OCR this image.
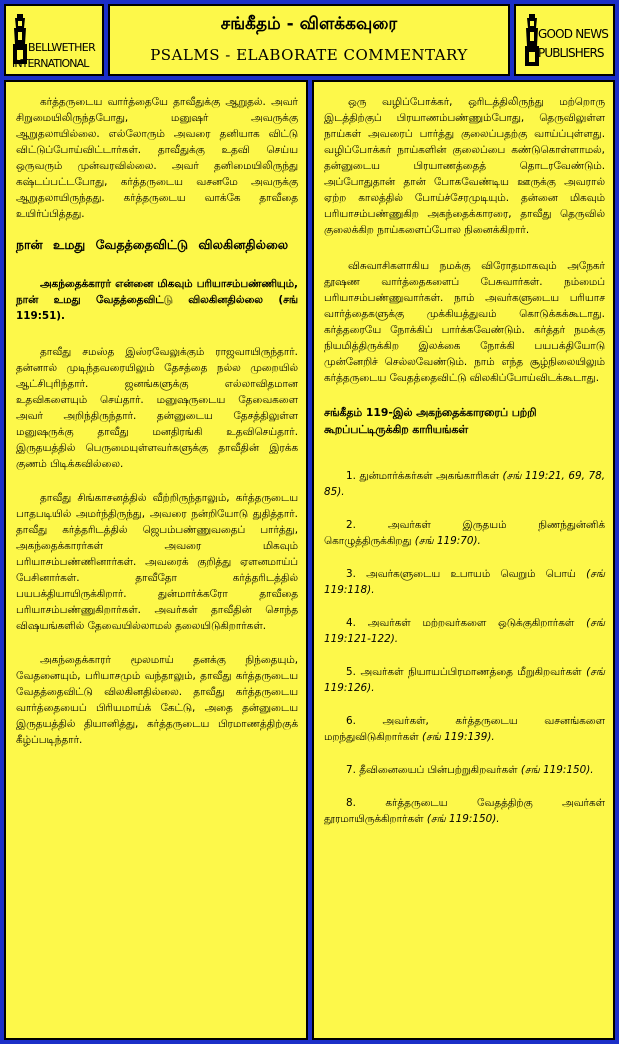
BELLWETHER
INTERNATIONAL
சங்கீதம் - விளக்கவுரை
PSALMS - ELABORATE COMMENTARY
GOOD NEWS
PUBLISHERS

கர்த்தருடைய வார்த்தையே தாவீதுக்கு ஆறுதல். அவர் சிறுமையிலிருந்தபோது, மனுஷர் அவருக்கு ஆறுதலாயில்லை. எல்லோரும் அவரை தனியாக விட்டு விட்டுப்போய்விட்டார்கள். தாவீதுக்கு உதவி செய்ய ஒருவரும் முன்வரவில்லை. அவர் தனிமையிலிருந்து கஷ்டப்பட்டபோது, கர்த்தருடைய வசனமே அவருக்கு ஆறுதலாயிருந்தது. கர்த்தருடைய வாக்கே தாவீதை உயிர்ப்பித்தது.

நான் உமது வேதத்தைவிட்டு விலகினதில்லை

அகந்தைக்காரர் என்னை மிகவும் பரியாசம்பண்ணியும், நான் உமது வேதத்தைவிட்டு விலகினதில்லை (சங் 119:51).

தாவீது சமஸ்த இஸ்ரவேலுக்கும் ராஜவாயிருந்தார். தன்னால் முடிந்தவரையிலும் தேசத்தை நல்ல முறையில் ஆட்சிபுரிந்தார். ஜனங்களுக்கு எல்லாவிதமான உதவிகளையும் செய்தார். மனுஷருடைய தேவைகளை அவர் அறிந்திருந்தார். தன்னுடைய தேசத்திலுள்ள மனுஷருக்கு தாவீது மனதிரங்கி உதவிசெய்தார். இருதயத்தில் பெருமையுள்ளவர்களுக்கு தாவீதின் இரக்க குணம் பிடிக்கவில்லை.

தாவீது சிங்காசனத்தில் வீற்றிருந்தாலும், கர்த்தருடைய பாதபடியில் அமர்ந்திருந்து, அவரை நன்றியோடு துதித்தார். தாவீது கர்த்தரிடத்தில் ஜெபம்பண்ணுவதைப் பார்த்து, அகந்தைக்காரர்கள் அவரை மிகவும் பரியாசம்பண்ணினார்கள். அவரைக் குறித்து ஏளனமாய்ப் பேசினார்கள். தாவீதோ கர்த்தரிடத்தில் பயபக்தியாயிருக்கிறார். துன்மார்க்கரோ தாவீதை பரியாசம்பண்ணுகிறார்கள். அவர்கள் தாவீதின் சொந்த விஷயங்களில் தேவையில்லாமல் தலையிடுகிறார்கள்.

அகந்தைக்காரர் மூலமாய் தனக்கு நிந்தையும், வேதனையும், பரியாசமும் வந்தாலும், தாவீது கர்த்தருடைய வேதத்தைவிட்டு விலகினதில்லை. தாவீது கர்த்தருடைய வார்த்தையைப் பிரியமாய்க் கேட்டு, அதை தன்னுடைய இருதயத்தில் தியானித்து, கர்த்தருடைய பிரமாணத்திற்குக் கீழ்ப்படிந்தார்.

ஒரு வழிப்போக்கர், ஒரிடத்திலிருந்து மற்றொரு இடத்திற்குப் பிரயாணம்பண்ணும்போது, தெருவிலுள்ள நாய்கள் அவரைப் பார்த்து குலைப்பதற்கு வாய்ப்புள்ளது. வழிப்போக்கர் நாய்களின் குலைப்பை கண்டுகொள்ளாமல், தன்னுடைய பிரயாணத்தைத் தொடரவேண்டும். அப்போதுதான் தான் போகவேண்டிய ஊருக்கு அவரால் ஏற்ற காலத்தில் போய்ச்சேரமுடியும். தன்னை மிகவும் பரியாசம்பண்ணுகிற அகந்தைக்காரரை, தாவீது தெருவில் குலைக்கிற நாய்களைப்போல நினைக்கிறார்.

விசுவாசிகளாகிய நமக்கு விரோதமாகவும் அநேகர் தூஷண வார்த்தைகளைப் பேசுவார்கள். நம்மைப் பரியாசம்பண்ணுவார்கள். நாம் அவர்களுடைய பரியாச வார்த்தைகளுக்கு முக்கியத்துவம் கொடுக்கக்கூடாது. கர்த்தரையே நோக்கிப் பார்க்கவேண்டும். கர்த்தர் நமக்கு நியமித்திருக்கிற இலக்கை நோக்கி பயபக்தியோடு முன்னேறிச் செல்லவேண்டும். நாம் எந்த சூழ்நிலையிலும் கர்த்தருடைய வேதத்தைவிட்டு விலகிப்போய்விடக்கூடாது.

சங்கீதம் 119-இல் அகந்தைக்காரரைப் பற்றி கூறப்பட்டிருக்கிற காரியங்கள்
1. துன்மார்க்கர்கள் அகங்காரிகள் (சங் 119:21, 69, 78, 85).
2.	அவர்கள் இருதயம் நிணந்துன்னிக் கொழுத்திருக்கிறது (சங் 119:70).
3. அவர்களுடைய உபாயம் வெறும் பொய் (சங் 119:118).
4. அவர்கள் மற்றவர்களை ஒடுக்குகிறார்கள் (சங் 119:121-122).
5. அவர்கள் நியாயப்பிரமாணத்தை மீறுகிறவர்கள் (சங் 119:126).
6.	அவர்கள், கர்த்தருடைய வசனங்களை மறந்துவிடுகிறார்கள் (சங் 119:139).
7. தீவினையைப் பின்பற்றுகிறவர்கள் (சங் 119:150).
8.	கர்த்தருடைய வேதத்திற்கு அவர்கள் தூரமாயிருக்கிறார்கள் (சங் 119:150).
